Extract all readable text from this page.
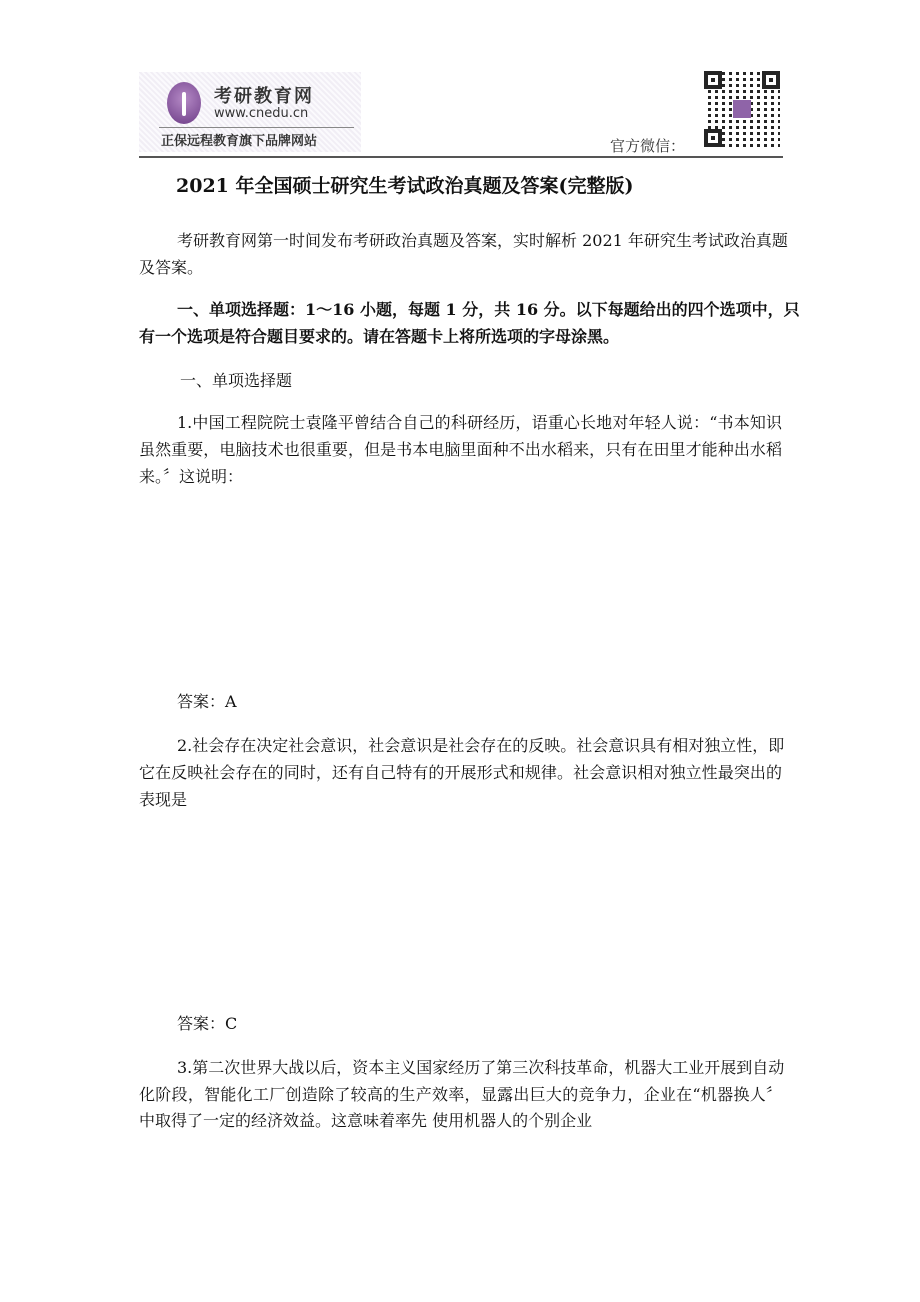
考研教育网
www.cnedu.cn
正保远程教育旗下品牌网站	官方微信：
2021 年全国硕士研究生考试政治真题及答案(完整版)
考研教育网第一时间发布考研政治真题及答案，实时解析 2021 年研究生考试政治真题
及答案。
一、单项选择题：1～16 小题，每题 1 分，共 16 分。以下每题给出的四个选项中，只
有一个选项是符合题目要求的。请在答题卡上将所选项的字母涂黑。
一、单项选择题
1.中国工程院院士袁隆平曾结合自己的科研经历，语重心长地对年轻人说：“书本知识
虽然重要，电脑技术也很重要，但是书本电脑里面种不出水稻来，只有在田里才能种出水稻
来。〞这说明：
答案：A
2.社会存在决定社会意识，社会意识是社会存在的反映。社会意识具有相对独立性，即
它在反映社会存在的同时，还有自己特有的开展形式和规律。社会意识相对独立性最突出的
表现是
答案：C
3.第二次世界大战以后，资本主义国家经历了第三次科技革命，机器大工业开展到自动
化阶段，智能化工厂创造除了较高的生产效率，显露出巨大的竞争力，企业在“机器换人〞
中取得了一定的经济效益。这意味着率先 使用机器人的个别企业
